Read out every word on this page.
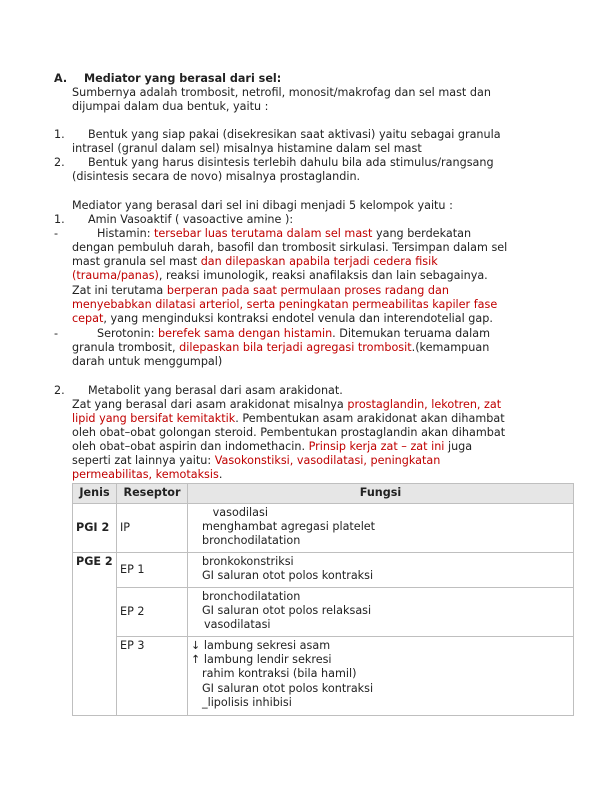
A. Mediator yang berasal dari sel:
Sumbernya adalah trombosit, netrofil, monosit/makrofag dan sel mast dan
dijumpai dalam dua bentuk, yaitu :
1. Bentuk yang siap pakai (disekresikan saat aktivasi) yaitu sebagai granula
intrasel (granul dalam sel) misalnya histamine dalam sel mast
2. Bentuk yang harus disintesis terlebih dahulu bila ada stimulus/rangsang
(disintesis secara de novo) misalnya prostaglandin.
Mediator yang berasal dari sel ini dibagi menjadi 5 kelompok yaitu :
1. Amin Vasoaktif ( vasoactive amine ):
-	Histamin: tersebar luas terutama dalam sel mast yang berdekatan
dengan pembuluh darah, basofil dan trombosit sirkulasi. Tersimpan dalam sel
mast granula sel mast dan dilepaskan apabila terjadi cedera fisik
(trauma/panas), reaksi imunologik, reaksi anafilaksis dan lain sebagainya.
Zat ini terutama berperan pada saat permulaan proses radang dan
menyebabkan dilatasi arteriol, serta peningkatan permeabilitas kapiler fase
cepat, yang menginduksi kontraksi endotel venula dan interendotelial gap.
-	Serotonin: berefek sama dengan histamin. Ditemukan teruama dalam
granula trombosit, dilepaskan bila terjadi agregasi trombosit.(kemampuan
darah untuk menggumpal)
2. Metabolit yang berasal dari asam arakidonat.
Zat yang berasal dari asam arakidonat misalnya prostaglandin, lekotren, zat
lipid yang bersifat kemitaktik. Pembentukan asam arakidonat akan dihambat
oleh obat–obat golongan steroid. Pembentukan prostaglandin akan dihambat
oleh obat–obat aspirin dan indomethacin. Prinsip kerja zat – zat ini juga
seperti zat lainnya yaitu: Vasokonstiksi, vasodilatasi, peningkatan
permeabilitas, kemotaksis.
Jenis	Reseptor	Fungsi
PGI 2	IP	vasodilasi
menghambat agregasi platelet
bronchodilatation

PGE 2	EP 1	bronkokonstriksi
GI saluran otot polos kontraksi

	EP 2	bronchodilatation
GI saluran otot polos relaksasi
vasodilatasi

	EP 3	↓ lambung sekresi asam
↑ lambung lendir sekresi
rahim kontraksi (bila hamil)
GI saluran otot polos kontraksi
_lipolisis inhibisi
